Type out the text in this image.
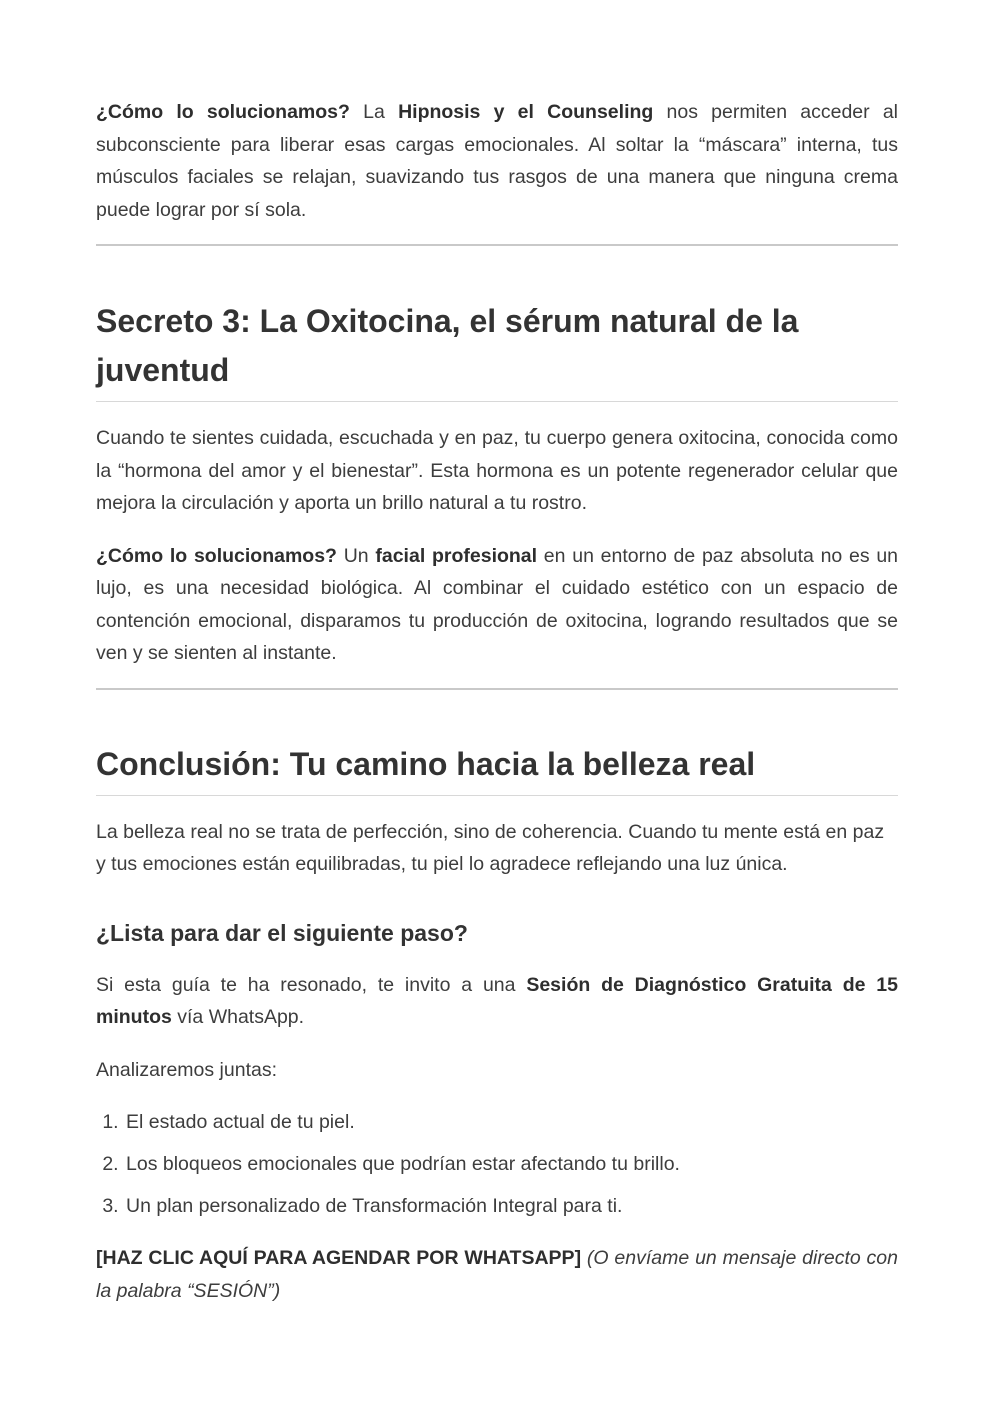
¿Cómo lo solucionamos? La Hipnosis y el Counseling nos permiten acceder al subconsciente para liberar esas cargas emocionales. Al soltar la “máscara” interna, tus músculos faciales se relajan, suavizando tus rasgos de una manera que ninguna crema puede lograr por sí sola.

Secreto 3: La Oxitocina, el sérum natural de la juventud

Cuando te sientes cuidada, escuchada y en paz, tu cuerpo genera oxitocina, conocida como la “hormona del amor y el bienestar”. Esta hormona es un potente regenerador celular que mejora la circulación y aporta un brillo natural a tu rostro.

¿Cómo lo solucionamos? Un facial profesional en un entorno de paz absoluta no es un lujo, es una necesidad biológica. Al combinar el cuidado estético con un espacio de contención emocional, disparamos tu producción de oxitocina, logrando resultados que se ven y se sienten al instante.

Conclusión: Tu camino hacia la belleza real

La belleza real no se trata de perfección, sino de coherencia. Cuando tu mente está en paz y tus emociones están equilibradas, tu piel lo agradece reflejando una luz única.

¿Lista para dar el siguiente paso?

Si esta guía te ha resonado, te invito a una Sesión de Diagnóstico Gratuita de 15 minutos vía WhatsApp.

Analizaremos juntas:

1. El estado actual de tu piel.
2. Los bloqueos emocionales que podrían estar afectando tu brillo.
3. Un plan personalizado de Transformación Integral para ti.

[HAZ CLIC AQUÍ PARA AGENDAR POR WHATSAPP] (O envíame un mensaje directo con la palabra “SESIÓN”)
